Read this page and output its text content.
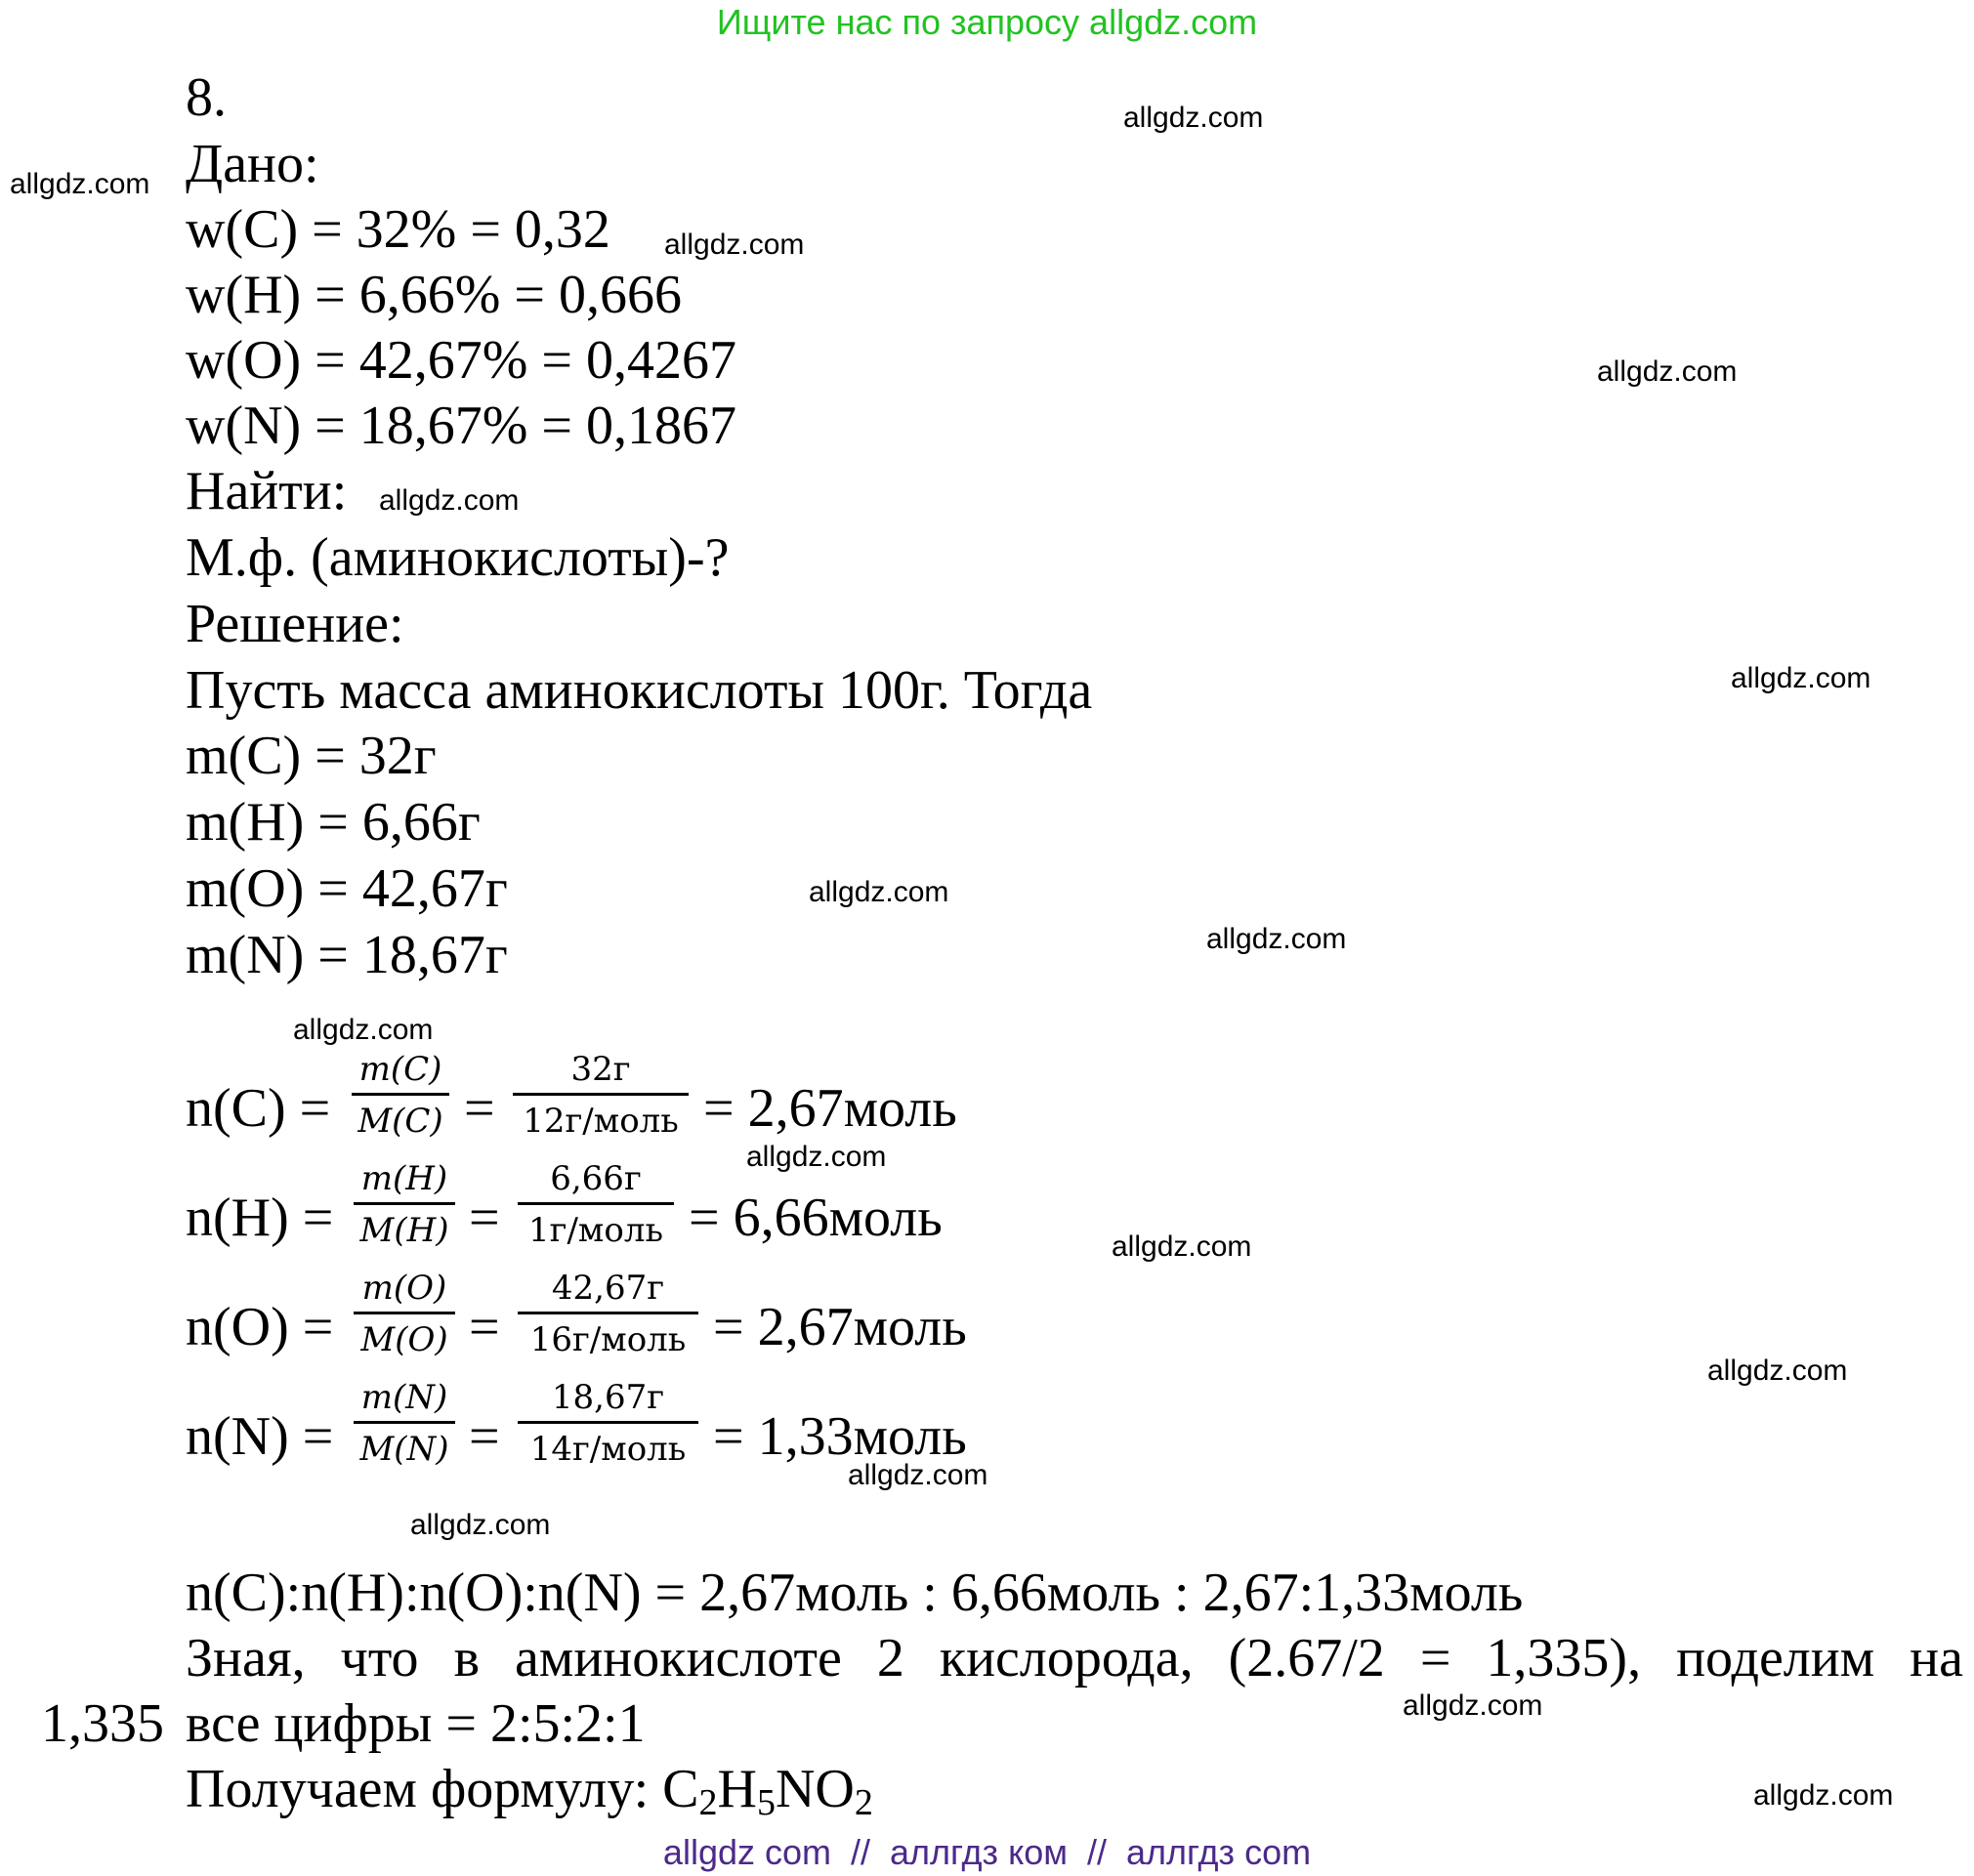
Ищите нас по запросу allgdz.com
8.
Дано:
w(C) = 32% = 0,32
w(H) = 6,66% = 0,666
w(O) = 42,67% = 0,4267
w(N) = 18,67% = 0,1867
Найти:
М.ф. (аминокислоты)-?
Решение:
Пусть масса аминокислоты 100г. Тогда
m(C) = 32г
m(H) = 6,66г
m(O) = 42,67г
m(N) = 18,67г
n(C) =
m(C)
M(C) =
32г
12г/моль = 2,67моль
n(H) =
m(H)
M(H) =
6,66г
1г/моль = 6,66моль
n(O) =
m(O)
M(O) =
42,67г
16г/моль = 2,67моль
n(N) =
m(N)
M(N) =
18,67г
14г/моль = 1,33моль
n(C):n(H):n(O):n(N) = 2,67моль : 6,66моль : 2,67:1,33моль
Зная,  что  в  аминокислоте  2  кислорода,  (2.67/2  =  1,335),  поделим  на
1,335 все цифры = 2:5:2:1
Получаем формулу: $C_2H_5NO_2$
allgdz.com
allgdz.com
allgdz.com
allgdz.com
allgdz.com
allgdz.com
allgdz.com
allgdz.com
allgdz.com
allgdz.com
allgdz.com
allgdz.com
allgdz.com
allgdz.com
allgdz.com
allgdz.com
allgdz com  //  аллгдз ком  //  аллгдз com
